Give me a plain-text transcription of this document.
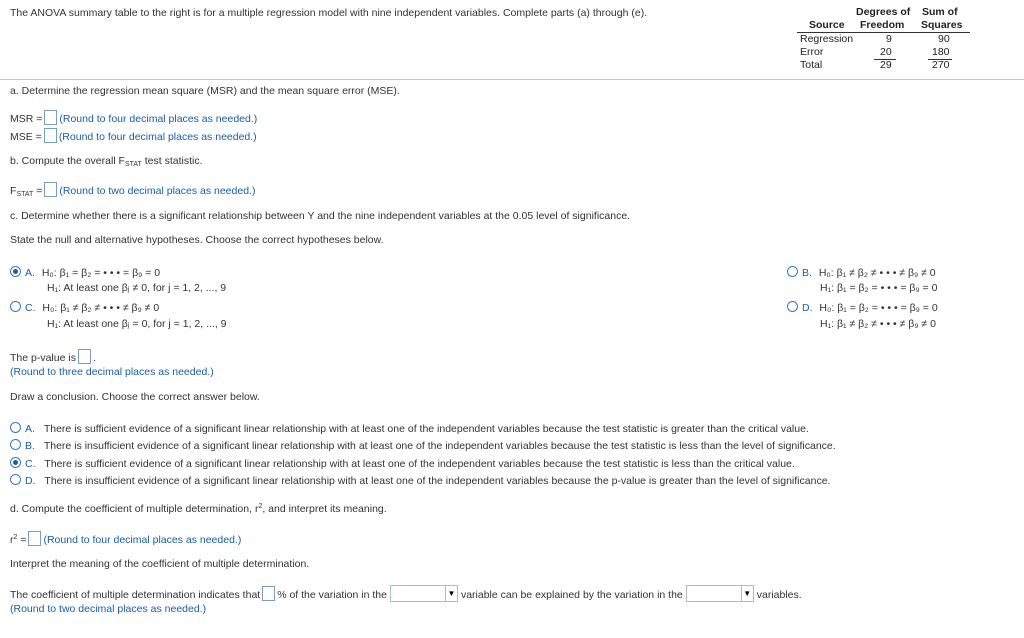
The ANOVA summary table to the right is for a multiple regression model with nine independent variables. Complete parts (a) through (e).	Degrees of Sum of
Source Freedom Squares
Regression	9	90
Error	20	180
Total	29	270
a. Determine the regression mean square (MSR) and the mean square error (MSE).
MSR = (Round to four decimal places as needed.)
MSE = (Round to four decimal places as needed.)
b. Compute the overall $F_{STAT}$ test statistic.
$F_{STAT}$ = (Round to two decimal places as needed.)
c. Determine whether there is a significant relationship between Y and the nine independent variables at the 0.05 level of significance.
State the null and alternative hypotheses. Choose the correct hypotheses below.
A. H₀: β₁ = β₂ = • • • = β₉ = 0
H₁: At least one βⱼ ≠ 0, for j = 1, 2, ..., 9
C. H₀: β₁ ≠ β₂ ≠ • • • ≠ β₉ ≠ 0
H₁: At least one βⱼ = 0, for j = 1, 2, ..., 9
B. H₀: β₁ ≠ β₂ ≠ • • • ≠ β₉ ≠ 0
H₁: β₁ = β₂ = • • • = β₉ = 0
D. H₀: β₁ = β₂ = • • • = β₉ = 0
H₁: β₁ ≠ β₂ ≠ • • • ≠ β₉ ≠ 0
The p-value is .
(Round to three decimal places as needed.)
Draw a conclusion. Choose the correct answer below.
A. There is sufficient evidence of a significant linear relationship with at least one of the independent variables because the test statistic is greater than the critical value.
B. There is insufficient evidence of a significant linear relationship with at least one of the independent variables because the test statistic is less than the level of significance.
C. There is sufficient evidence of a significant linear relationship with at least one of the independent variables because the test statistic is less than the critical value.
D. There is insufficient evidence of a significant linear relationship with at least one of the independent variables because the p-value is greater than the level of significance.
d. Compute the coefficient of multiple determination, $r^2$, and interpret its meaning.
$r^2$ = (Round to four decimal places as needed.)
Interpret the meaning of the coefficient of multiple determination.
The coefficient of multiple determination indicates that % of the variation in the	▼ variable can be explained by the variation in the	▼ variables.
(Round to two decimal places as needed.)
